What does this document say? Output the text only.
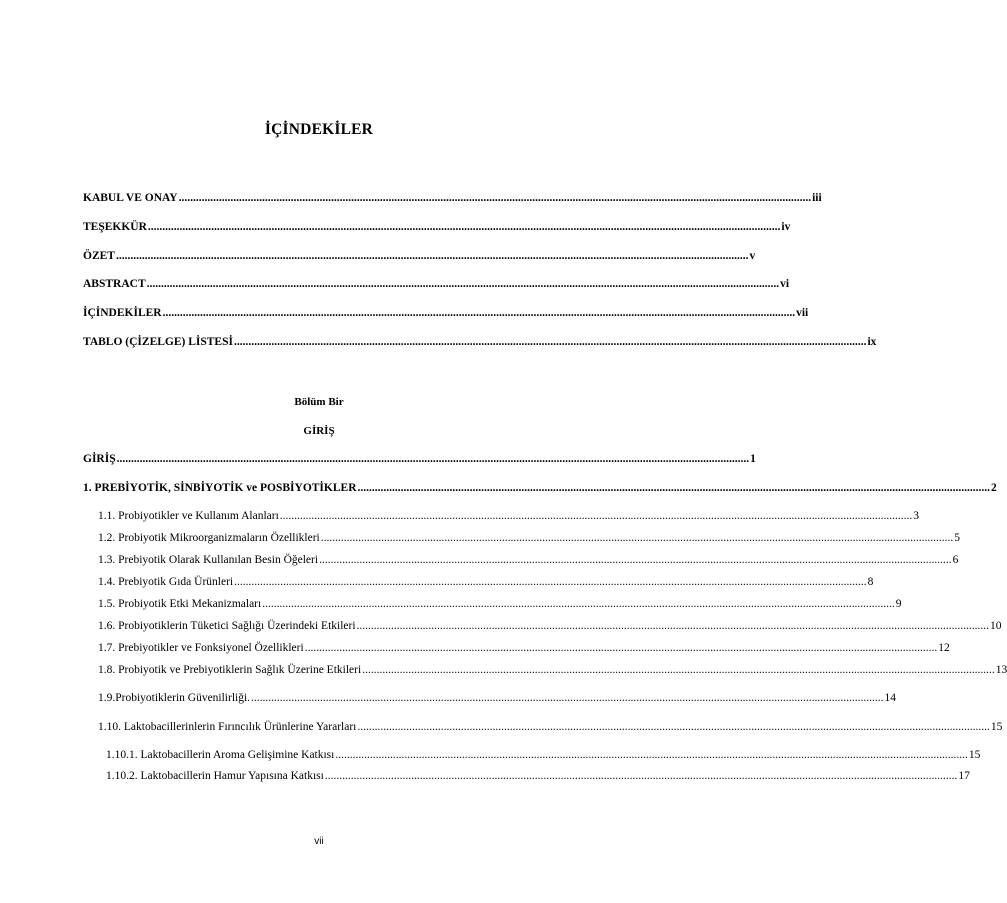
İÇİNDEKİLER
KABUL VE ONAY ............................................................................................................................................................................................................................ iii
TEŞEKKÜR ............................................................................................................................................................................................................................ iv
ÖZET ............................................................................................................................................................................................................................ v
ABSTRACT ............................................................................................................................................................................................................................ vi
İÇİNDEKİLER ............................................................................................................................................................................................................................ vii
TABLO (ÇİZELGE) LİSTESİ ............................................................................................................................................................................................................................ ix
Bölüm Bir
GİRİŞ
GİRİŞ ............................................................................................................................................................................................................................ 1
1. PREBİYOTİK, SİNBİYOTİK ve POSBİYOTİKLER ............................................................................................................................................................................................................................ 2
1.1. Probiyotikler ve Kullanım Alanları ............................................................................................................................................................................................................................ 3
1.2. Probiyotik Mikroorganizmaların Özellikleri ............................................................................................................................................................................................................................ 5
1.3. Prebiyotik Olarak Kullanılan Besin Öğeleri ............................................................................................................................................................................................................................ 6
1.4. Prebiyotik Gıda Ürünleri ............................................................................................................................................................................................................................ 8
1.5. Probiyotik Etki Mekanizmaları ............................................................................................................................................................................................................................ 9
1.6. Probiyotiklerin Tüketici Sağlığı Üzerindeki Etkileri ............................................................................................................................................................................................................................ 10
1.7. Prebiyotikler ve Fonksiyonel Özellikleri ............................................................................................................................................................................................................................ 12
1.8. Probiyotik ve Prebiyotiklerin Sağlık Üzerine Etkileri ............................................................................................................................................................................................................................ 13
1.9.Probiyotiklerin Güvenilirliği. ............................................................................................................................................................................................................................ 14
1.10. Laktobacillerinlerin Fırıncılık Ürünlerine Yararları ............................................................................................................................................................................................................................ 15
1.10.1. Laktobacillerin Aroma Gelişimine Katkısı ............................................................................................................................................................................................................................ 15
1.10.2. Laktobacillerin Hamur Yapısına Katkısı ............................................................................................................................................................................................................................ 17
vii
